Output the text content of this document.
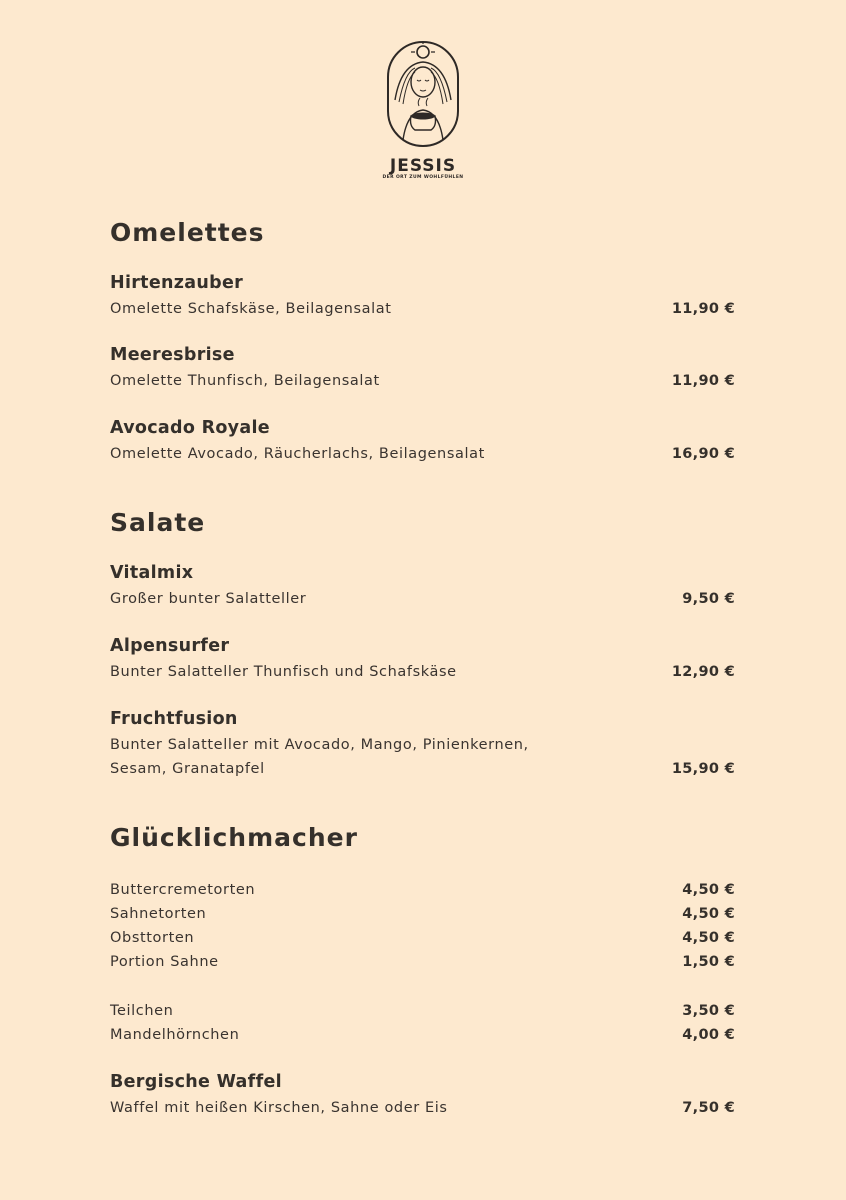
JESSIS
DER ORT ZUM WOHLFÜHLEN
Omelettes
Hirtenzauber
Omelette Schafskäse, Beilagensalat	11,90 €
Meeresbrise
Omelette Thunfisch, Beilagensalat	11,90 €
Avocado Royale
Omelette Avocado, Räucherlachs, Beilagensalat	16,90 €
Salate
Vitalmix
Großer bunter Salatteller	9,50 €
Alpensurfer
Bunter Salatteller Thunfisch und Schafskäse	12,90 €
Fruchtfusion
Bunter Salatteller mit Avocado, Mango, Pinienkernen,
Sesam, Granatapfel	15,90 €
Glücklichmacher
Buttercremetorten	4,50 €
Sahnetorten	4,50 €
Obsttorten	4,50 €
Portion Sahne	1,50 €
Teilchen	3,50 €
Mandelhörnchen	4,00 €
Bergische Waffel
Waffel mit heißen Kirschen, Sahne oder Eis	7,50 €
